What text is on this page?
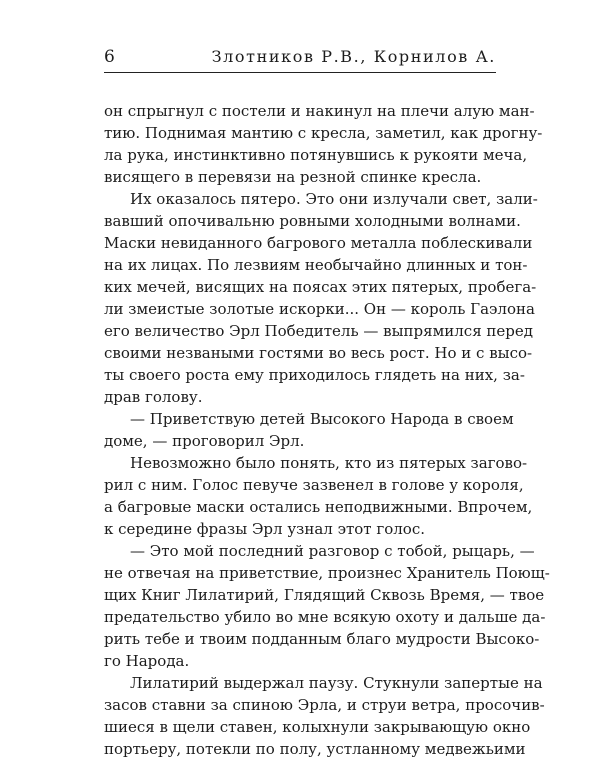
6	Злотников Р.В., Корнилов А.
он спрыгнул с постели и накинул на плечи алую ман-
тию. Поднимая мантию с кресла, заметил, как дрогну-
ла рука, инстинктивно потянувшись к рукояти меча,
висящего в перевязи на резной спинке кресла.
Их оказалось пятеро. Это они излучали свет, зали-
вавший опочивальню ровными холодными волнами.
Маски невиданного багрового металла поблескивали
на их лицах. По лезвиям необычайно длинных и тон-
ких мечей, висящих на поясах этих пятерых, пробега-
ли змеистые золотые искорки... Он — король Гаэлона
его величество Эрл Победитель — выпрямился перед
своими незваными гостями во весь рост. Но и с высо-
ты своего роста ему приходилось глядеть на них, за-
драв голову.
— Приветствую детей Высокого Народа в своем
доме, — проговорил Эрл.
Невозможно было понять, кто из пятерых загово-
рил с ним. Голос певуче зазвенел в голове у короля,
а багровые маски остались неподвижными. Впрочем,
к середине фразы Эрл узнал этот голос.
— Это мой последний разговор с тобой, рыцарь, —
не отвечая на приветствие, произнес Хранитель Поющ-
щих Книг Лилатирий, Глядящий Сквозь Время, — твое
предательство убило во мне всякую охоту и дальше да-
рить тебе и твоим подданным благо мудрости Высоко-
го Народа.
Лилатирий выдержал паузу. Стукнули запертые на
засов ставни за спиною Эрла, и струи ветра, просочив-
шиеся в щели ставен, колыхнули закрывающую окно
портьеру, потекли по полу, устланному медвежьими
